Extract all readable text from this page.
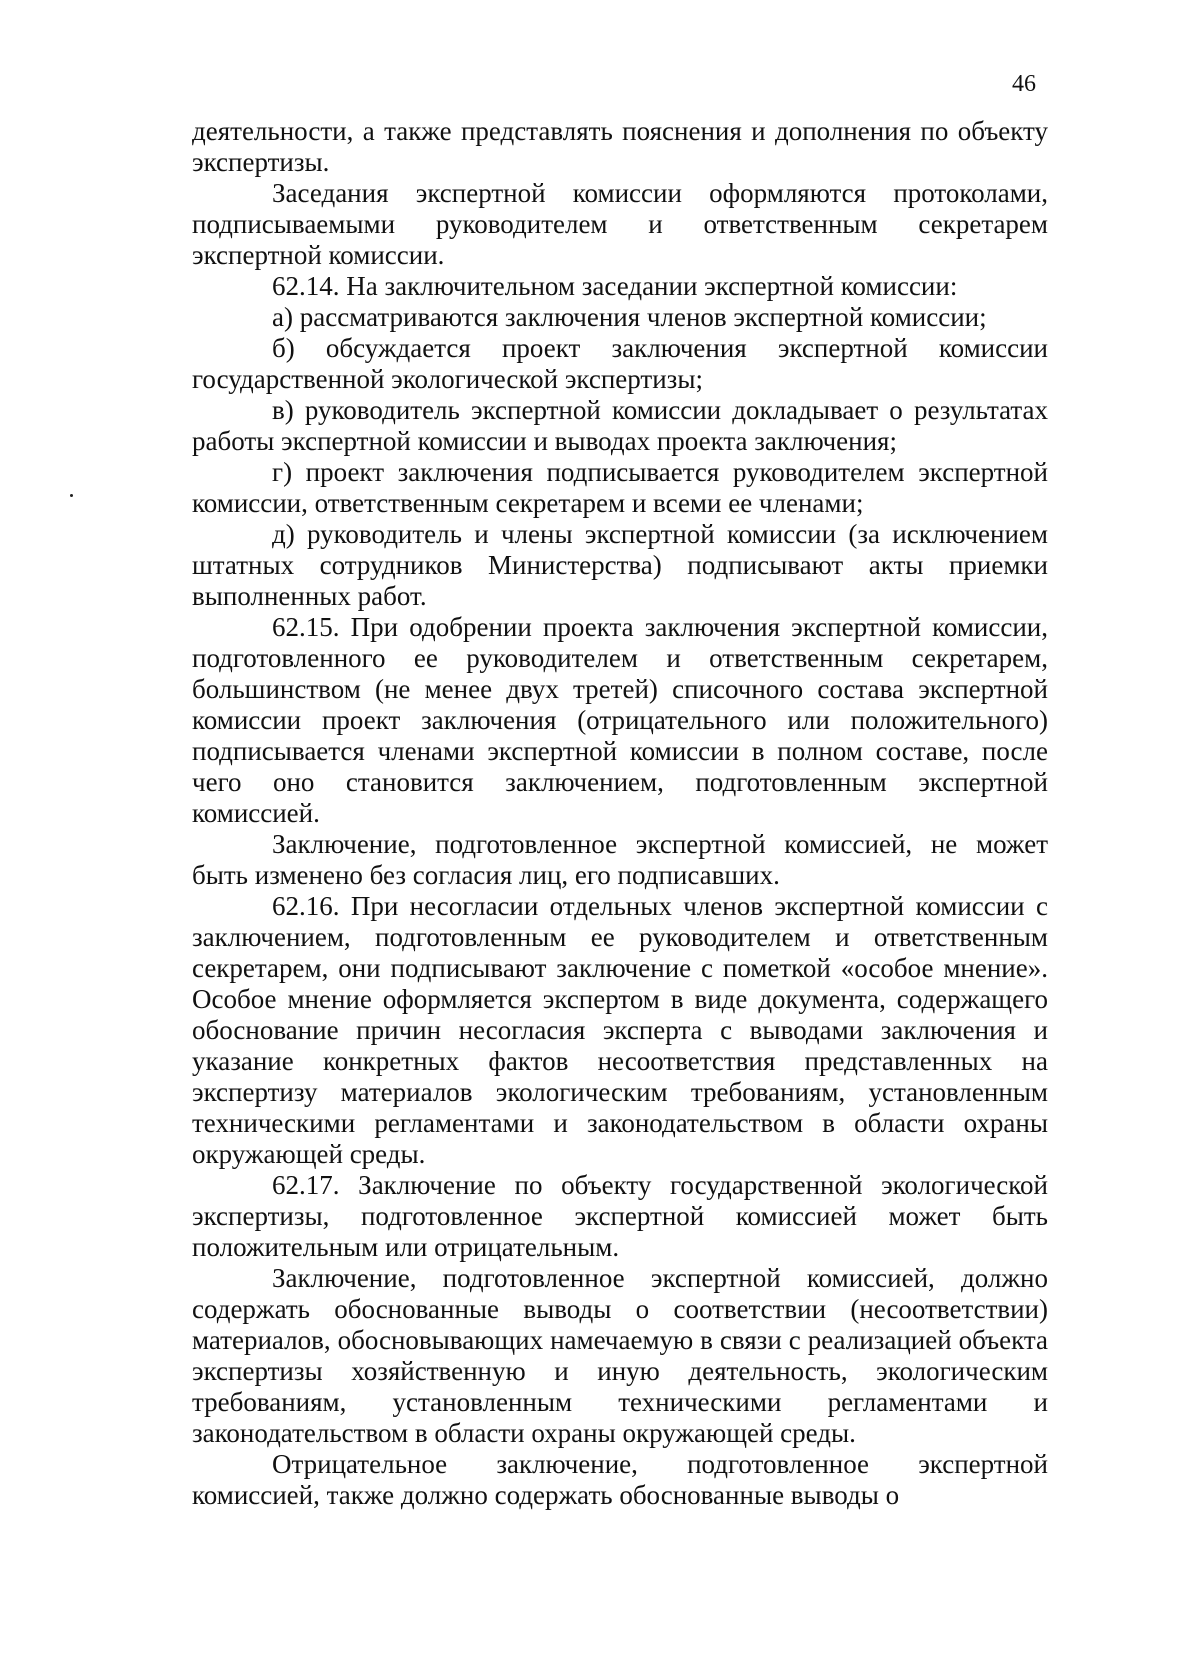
46

деятельности, а также представлять пояснения и дополнения по объекту экспертизы.

Заседания экспертной комиссии оформляются протоколами, подписываемыми руководителем и ответственным секретарем экспертной комиссии.

62.14. На заключительном заседании экспертной комиссии:

а) рассматриваются заключения членов экспертной комиссии;

б) обсуждается проект заключения экспертной комиссии государственной экологической экспертизы;

в) руководитель экспертной комиссии докладывает о результатах работы экспертной комиссии и выводах проекта заключения;

г) проект заключения подписывается руководителем экспертной комиссии, ответственным секретарем и всеми ее членами;

д) руководитель и члены экспертной комиссии (за исключением штатных сотрудников Министерства) подписывают акты приемки выполненных работ.

62.15. При одобрении проекта заключения экспертной комиссии, подготовленного ее руководителем и ответственным секретарем, большинством (не менее двух третей) списочного состава экспертной комиссии проект заключения (отрицательного или положительного) подписывается членами экспертной комиссии в полном составе, после чего оно становится заключением, подготовленным экспертной комиссией.

Заключение, подготовленное экспертной комиссией, не может быть изменено без согласия лиц, его подписавших.

62.16. При несогласии отдельных членов экспертной комиссии с заключением, подготовленным ее руководителем и ответственным секретарем, они подписывают заключение с пометкой «особое мнение». Особое мнение оформляется экспертом в виде документа, содержащего обоснование причин несогласия эксперта с выводами заключения и указание конкретных фактов несоответствия представленных на экспертизу материалов экологическим требованиям, установленным техническими регламентами и законодательством в области охраны окружающей среды.

62.17. Заключение по объекту государственной экологической экспертизы, подготовленное экспертной комиссией может быть положительным или отрицательным.

Заключение, подготовленное экспертной комиссией, должно содержать обоснованные выводы о соответствии (несоответствии) материалов, обосновывающих намечаемую в связи с реализацией объекта экспертизы хозяйственную и иную деятельность, экологическим требованиям, установленным техническими регламентами и законодательством в области охраны окружающей среды.

Отрицательное заключение, подготовленное экспертной комиссией, также должно содержать обоснованные выводы о
